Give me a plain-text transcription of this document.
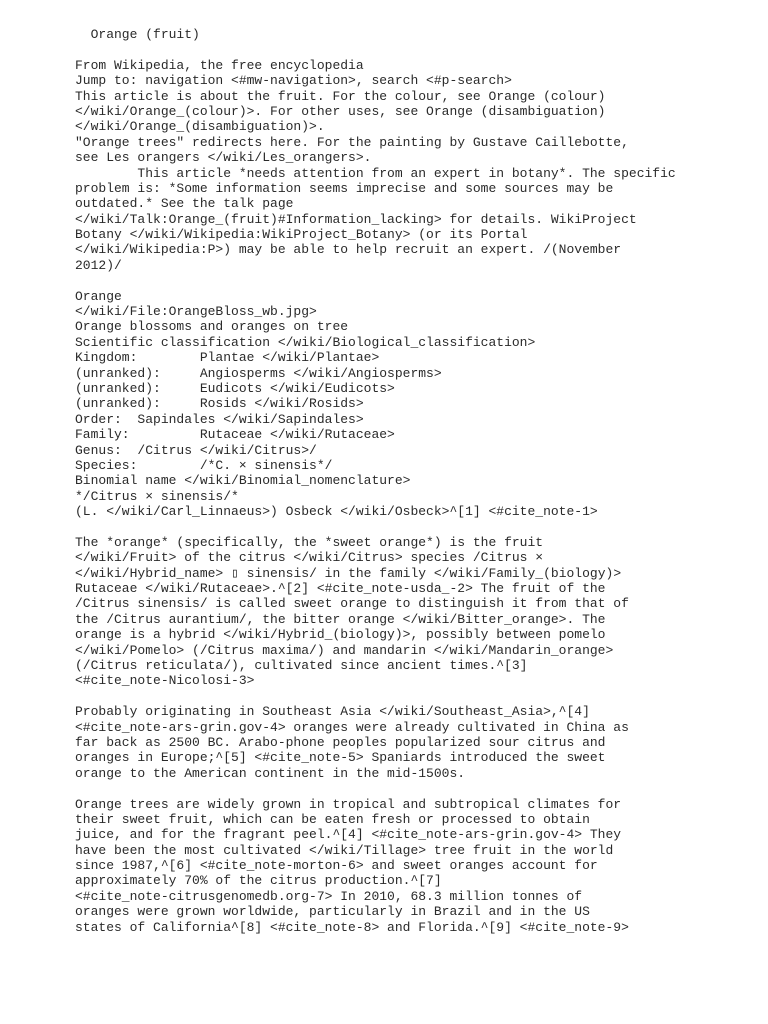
Orange (fruit)
From Wikipedia, the free encyclopedia
Jump to: navigation <#mw-navigation>, search <#p-search>
This article is about the fruit. For the colour, see Orange (colour)
</wiki/Orange_(colour)>. For other uses, see Orange (disambiguation)
</wiki/Orange_(disambiguation)>.
"Orange trees" redirects here. For the painting by Gustave Caillebotte,
see Les orangers </wiki/Les_orangers>.
This article *needs attention from an expert in botany*. The specific
problem is: *Some information seems imprecise and some sources may be
outdated.* See the talk page
</wiki/Talk:Orange_(fruit)#Information_lacking> for details. WikiProject
Botany </wiki/Wikipedia:WikiProject_Botany> (or its Portal
</wiki/Wikipedia:P>) may be able to help recruit an expert. /(November
2012)/
Orange
</wiki/File:OrangeBloss_wb.jpg>
Orange blossoms and oranges on tree
Scientific classification </wiki/Biological_classification>
Kingdom:        Plantae </wiki/Plantae>
(unranked):     Angiosperms </wiki/Angiosperms>
(unranked):     Eudicots </wiki/Eudicots>
(unranked):     Rosids </wiki/Rosids>
Order:  Sapindales </wiki/Sapindales>
Family:         Rutaceae </wiki/Rutaceae>
Genus:  /Citrus </wiki/Citrus>/
Species:        /*C. × sinensis*/
Binomial name </wiki/Binomial_nomenclature>
*/Citrus × sinensis/*
(L. </wiki/Carl_Linnaeus>) Osbeck </wiki/Osbeck>^[1] <#cite_note-1>
The *orange* (specifically, the *sweet orange*) is the fruit
</wiki/Fruit> of the citrus </wiki/Citrus> species /Citrus ×
</wiki/Hybrid_name> ▯ sinensis/ in the family </wiki/Family_(biology)>
Rutaceae </wiki/Rutaceae>.^[2] <#cite_note-usda_-2> The fruit of the
/Citrus sinensis/ is called sweet orange to distinguish it from that of
the /Citrus aurantium/, the bitter orange </wiki/Bitter_orange>. The
orange is a hybrid </wiki/Hybrid_(biology)>, possibly between pomelo
</wiki/Pomelo> (/Citrus maxima/) and mandarin </wiki/Mandarin_orange>
(/Citrus reticulata/), cultivated since ancient times.^[3]
<#cite_note-Nicolosi-3>
Probably originating in Southeast Asia </wiki/Southeast_Asia>,^[4]
<#cite_note-ars-grin.gov-4> oranges were already cultivated in China as
far back as 2500 BC. Arabo-phone peoples popularized sour citrus and
oranges in Europe;^[5] <#cite_note-5> Spaniards introduced the sweet
orange to the American continent in the mid-1500s.
Orange trees are widely grown in tropical and subtropical climates for
their sweet fruit, which can be eaten fresh or processed to obtain
juice, and for the fragrant peel.^[4] <#cite_note-ars-grin.gov-4> They
have been the most cultivated </wiki/Tillage> tree fruit in the world
since 1987,^[6] <#cite_note-morton-6> and sweet oranges account for
approximately 70% of the citrus production.^[7]
<#cite_note-citrusgenomedb.org-7> In 2010, 68.3 million tonnes of
oranges were grown worldwide, particularly in Brazil and in the US
states of California^[8] <#cite_note-8> and Florida.^[9] <#cite_note-9>
